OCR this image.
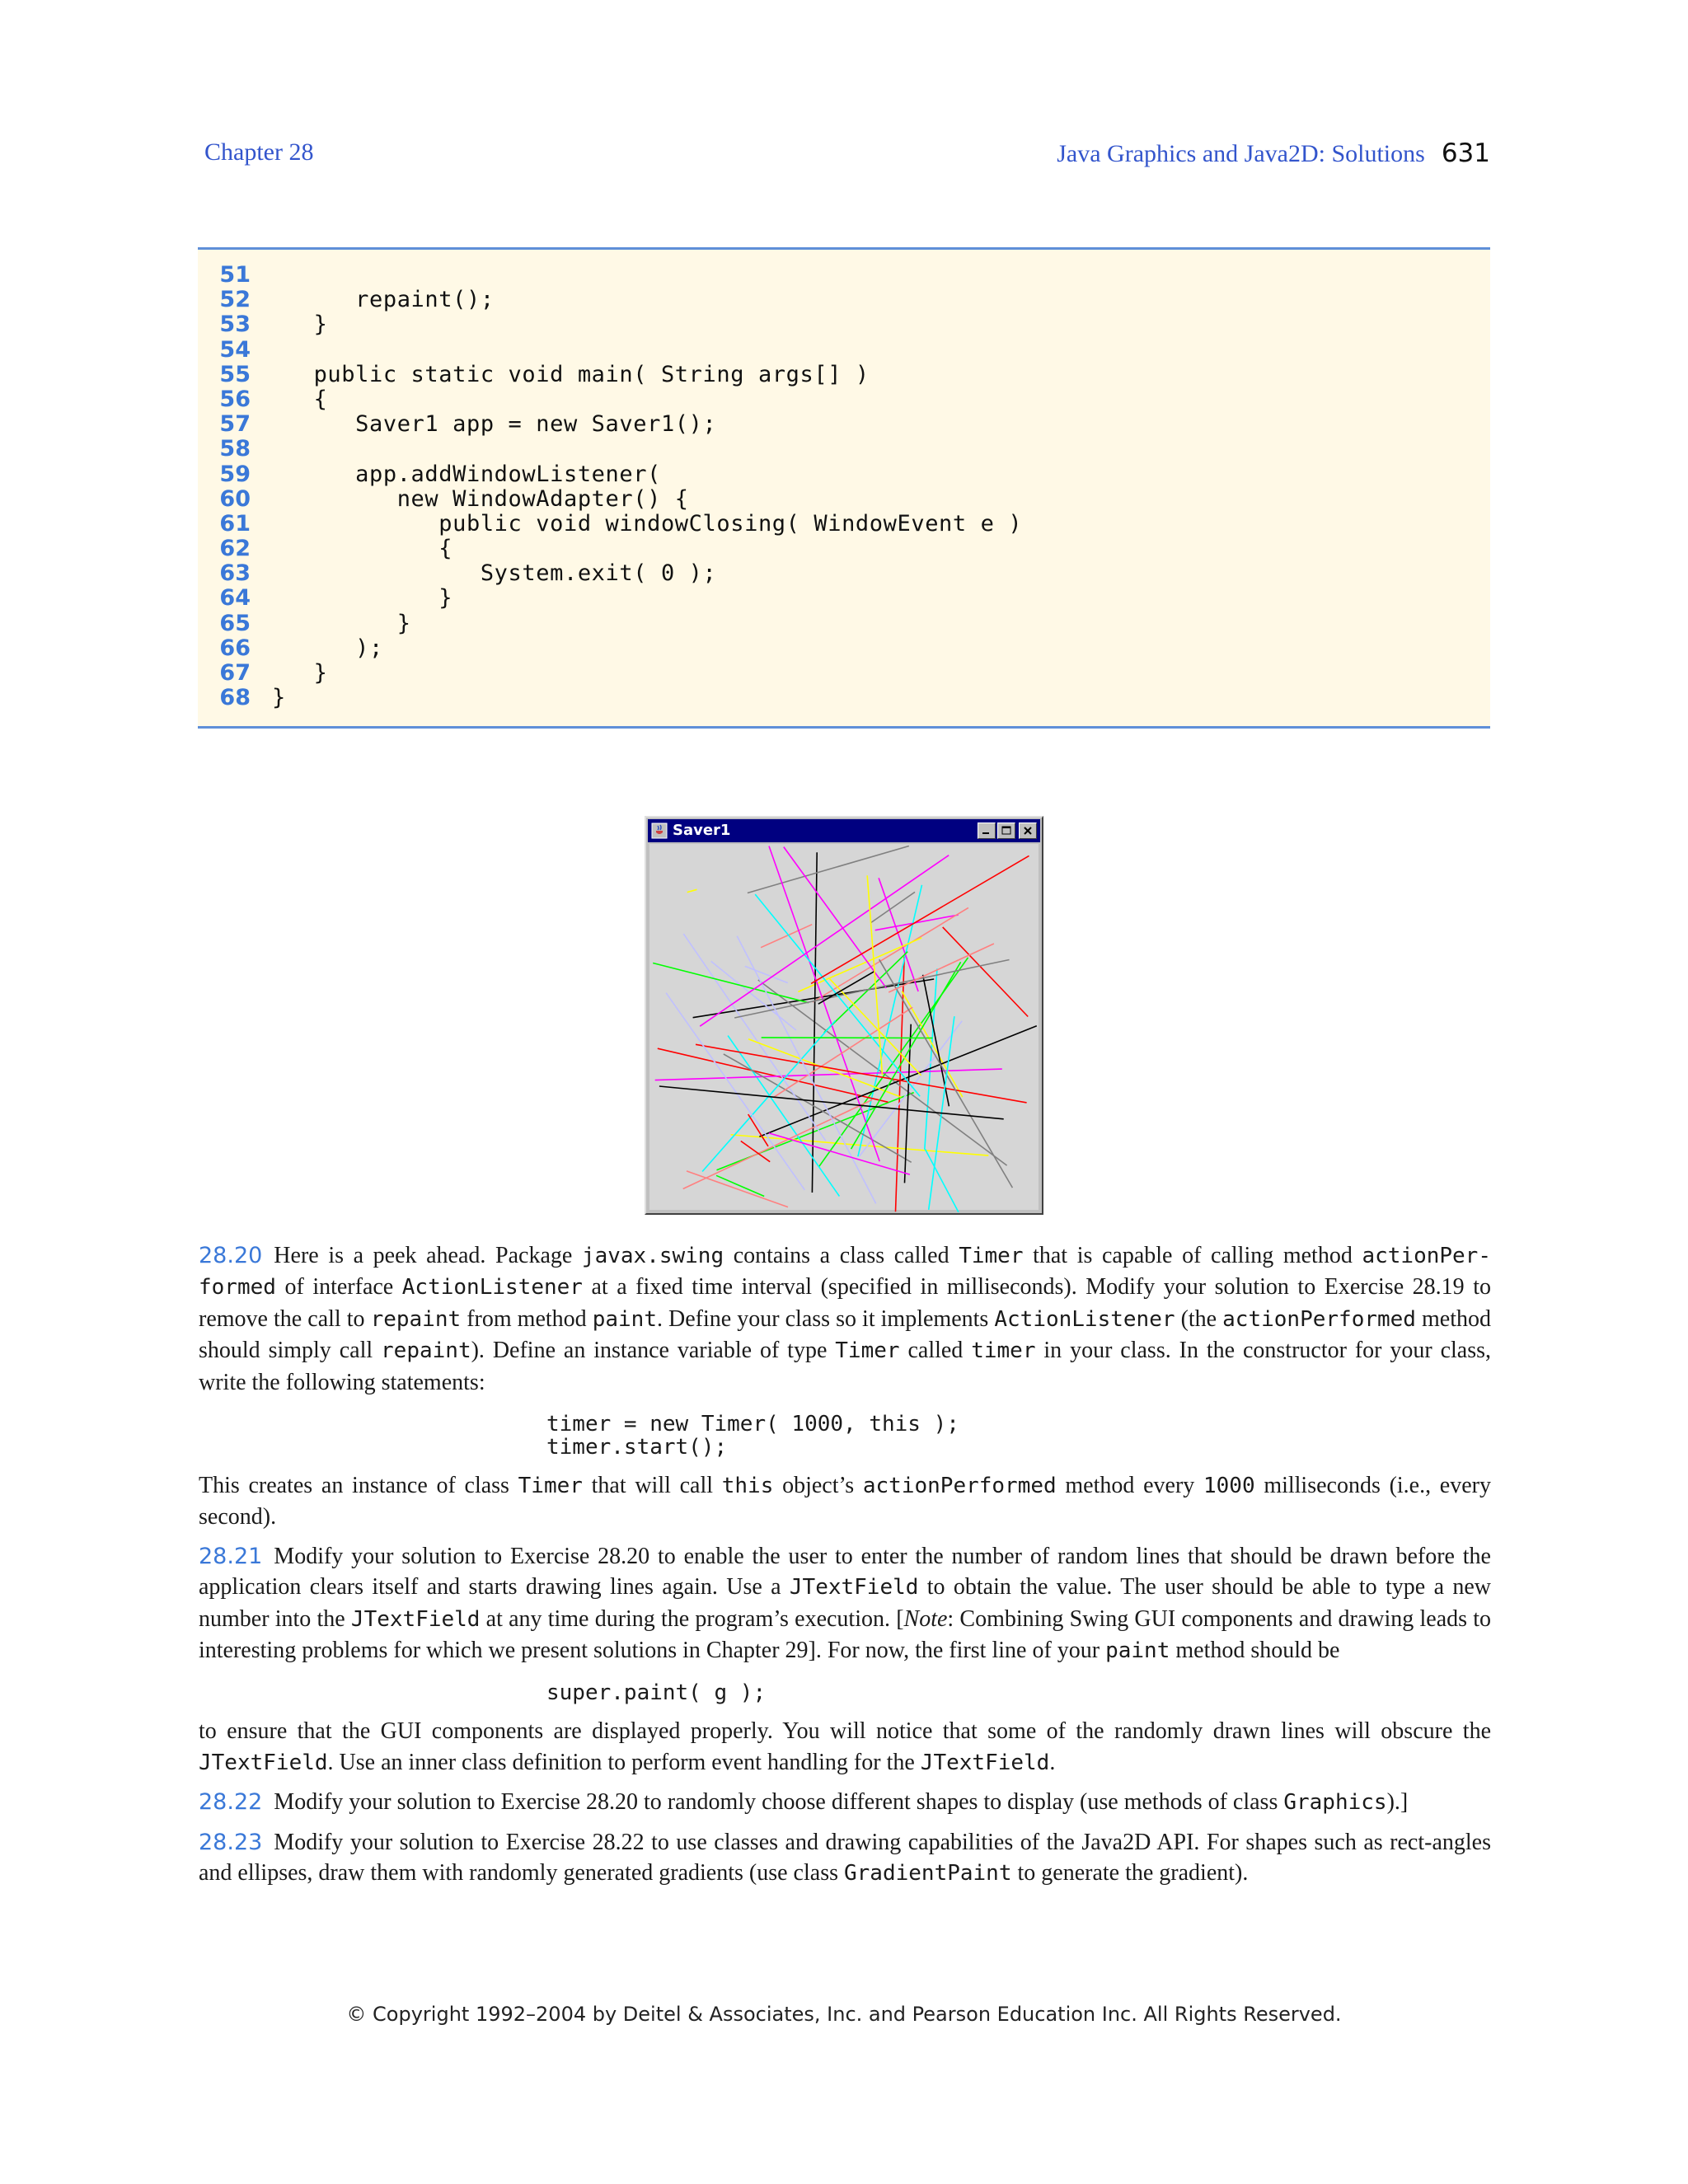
Chapter 28	Java Graphics and Java2D: Solutions 631
51
52 repaint();
53 }
54
55 public static void main( String args[] )
56 {
57 Saver1 app = new Saver1();
58
59 app.addWindowListener(
60 new WindowAdapter() {
61 public void windowClosing( WindowEvent e )
62 {
63 System.exit( 0 );
64 }
65 }
66 );
67 }
68 }
Saver1

28.20 Here is a peek ahead. Package javax.swing contains a class called Timer that is capable of calling method actionPer-formed of interface ActionListener at a fixed time interval (specified in milliseconds). Modify your solution to Exercise 28.19 to remove the call to repaint from method paint. Define your class so it implements ActionListener (the actionPerformed method should simply call repaint). Define an instance variable of type Timer called timer in your class. In the constructor for your class, write the following statements:

timer = new Timer( 1000, this );
timer.start();

This creates an instance of class Timer that will call this object’s actionPerformed method every 1000 milliseconds (i.e., every second).

28.21 Modify your solution to Exercise 28.20 to enable the user to enter the number of random lines that should be drawn before the application clears itself and starts drawing lines again. Use a JTextField to obtain the value. The user should be able to type a new number into the JTextField at any time during the program’s execution. [Note: Combining Swing GUI components and drawing leads to interesting problems for which we present solutions in Chapter 29]. For now, the first line of your paint method should be

super.paint( g );

to ensure that the GUI components are displayed properly. You will notice that some of the randomly drawn lines will obscure the JTextField. Use an inner class definition to perform event handling for the JTextField.

28.22 Modify your solution to Exercise 28.20 to randomly choose different shapes to display (use methods of class Graphics).]

28.23 Modify your solution to Exercise 28.22 to use classes and drawing capabilities of the Java2D API. For shapes such as rect-angles and ellipses, draw them with randomly generated gradients (use class GradientPaint to generate the gradient).

© Copyright 1992–2004 by Deitel & Associates, Inc. and Pearson Education Inc. All Rights Reserved.
